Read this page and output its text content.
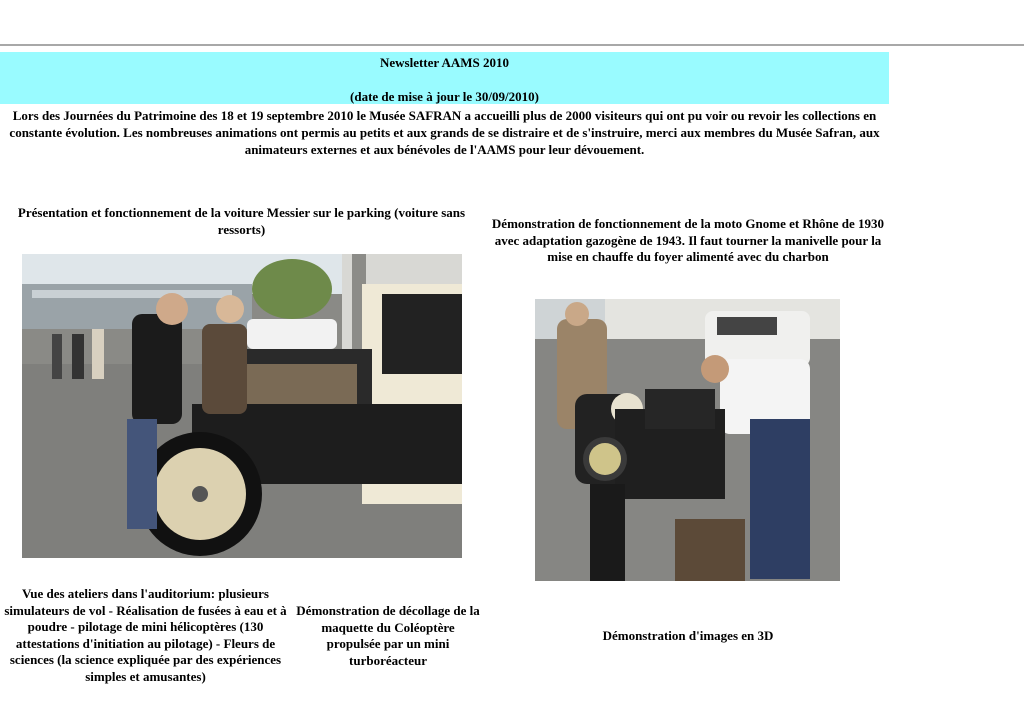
Newsletter AAMS 2010
(date de mise à jour le 30/09/2010)
Lors des Journées du Patrimoine des 18 et 19 septembre 2010 le Musée SAFRAN a accueilli plus de 2000 visiteurs qui ont pu voir ou revoir les collections en constante évolution. Les nombreuses animations ont permis au petits et aux grands de se distraire et de s'instruire, merci aux membres du Musée Safran, aux animateurs externes et aux bénévoles de l'AAMS pour leur dévouement.
Présentation et fonctionnement de la voiture Messier sur le parking (voiture sans ressorts)	Démonstration de fonctionnement de la moto Gnome et Rhône de 1930 avec adaptation gazogène de 1943. Il faut tourner la manivelle pour la mise en chauffe du foyer alimenté avec du charbon
Vue des ateliers dans l'auditorium: plusieurs simulateurs de vol - Réalisation de fusées à eau et à poudre - pilotage de mini hélicoptères (130 attestations d'initiation au pilotage) - Fleurs de sciences (la science expliquée par des expériences simples et amusantes)
Démonstration de décollage de la maquette du Coléoptère propulsée par un mini turboréacteur
Démonstration d'images en 3D
